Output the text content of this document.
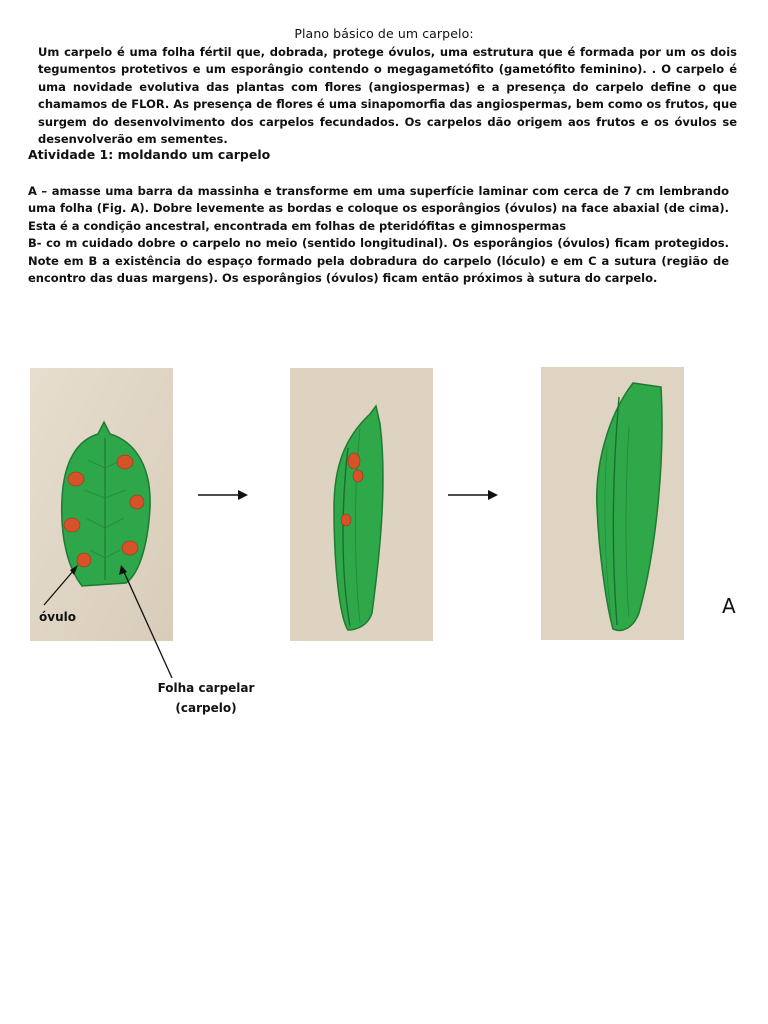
Plano básico de um carpelo:
Um carpelo é uma folha fértil que, dobrada, protege óvulos, uma estrutura que é formada por um os dois tegumentos protetivos e um esporângio contendo o megagametófito (gametófito feminino). . O carpelo é uma novidade evolutiva das plantas com flores (angiospermas) e a presença do carpelo define o que chamamos de FLOR. As presença de flores é uma sinapomorfia das angiospermas, bem como os frutos, que surgem do desenvolvimento dos carpelos fecundados. Os carpelos dão origem aos frutos e os óvulos se desenvolverão em sementes.
Atividade 1: moldando um carpelo

A – amasse uma barra da massinha e transforme em uma superfície laminar com cerca de 7 cm lembrando uma folha (Fig. A). Dobre levemente as bordas e coloque os esporângios (óvulos) na face abaxial (de cima). Esta é a condição ancestral, encontrada em folhas de pteridófitas e gimnospermas

B- co m cuidado dobre o carpelo no meio (sentido longitudinal). Os esporângios (óvulos) ficam protegidos. Note em B a existência do espaço formado pela dobradura do carpelo (lóculo) e em C a sutura (região de encontro das duas margens). Os esporângios (óvulos) ficam então próximos à sutura do carpelo.

óvulo
Folha carpelar
(carpelo)
A
